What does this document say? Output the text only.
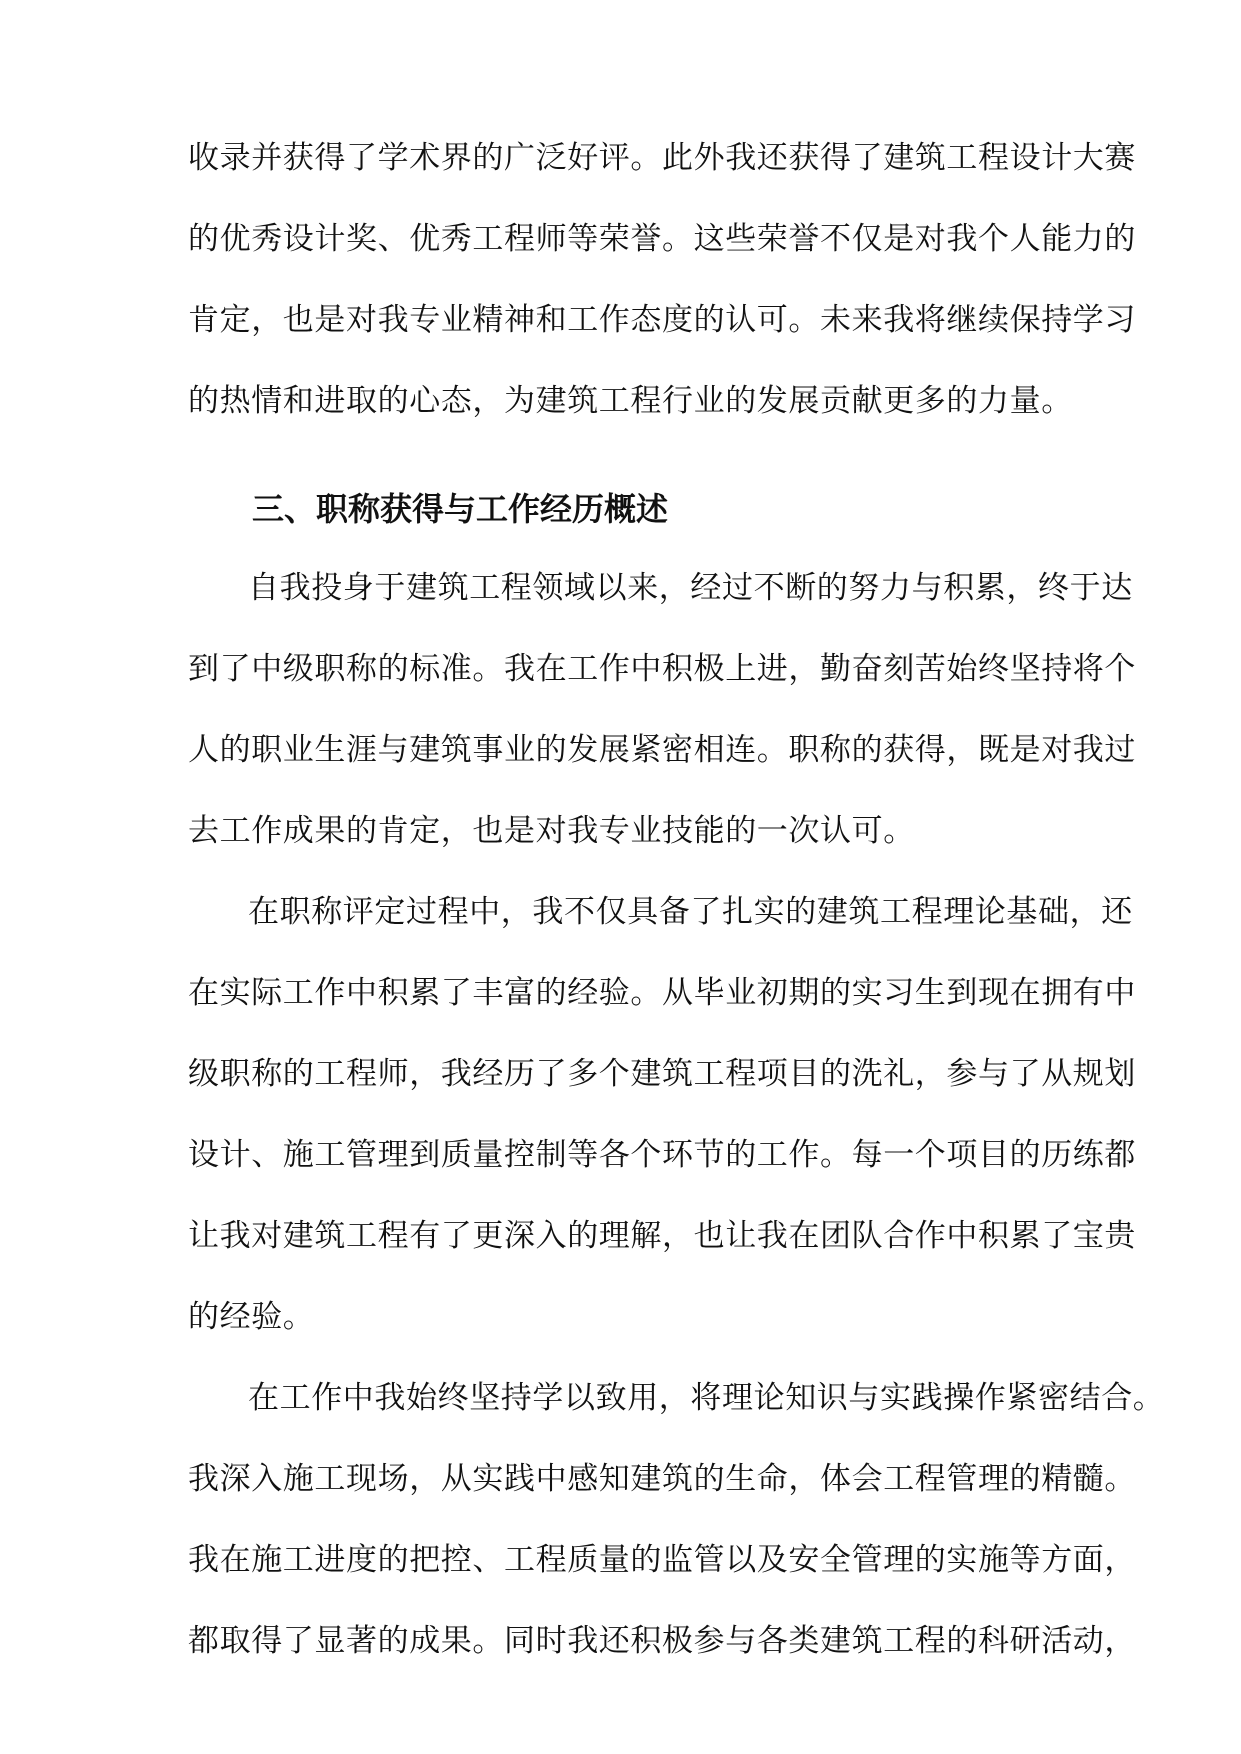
收录并获得了学术界的广泛好评。此外我还获得了建筑工程设计大赛
的优秀设计奖、优秀工程师等荣誉。这些荣誉不仅是对我个人能力的
肯定，也是对我专业精神和工作态度的认可。未来我将继续保持学习
的热情和进取的心态，为建筑工程行业的发展贡献更多的力量。
三、职称获得与工作经历概述
自我投身于建筑工程领域以来，经过不断的努力与积累，终于达
到了中级职称的标准。我在工作中积极上进，勤奋刻苦始终坚持将个
人的职业生涯与建筑事业的发展紧密相连。职称的获得，既是对我过
去工作成果的肯定，也是对我专业技能的一次认可。
在职称评定过程中，我不仅具备了扎实的建筑工程理论基础，还
在实际工作中积累了丰富的经验。从毕业初期的实习生到现在拥有中
级职称的工程师，我经历了多个建筑工程项目的洗礼，参与了从规划
设计、施工管理到质量控制等各个环节的工作。每一个项目的历练都
让我对建筑工程有了更深入的理解，也让我在团队合作中积累了宝贵
的经验。
在工作中我始终坚持学以致用，将理论知识与实践操作紧密结合。
我深入施工现场，从实践中感知建筑的生命，体会工程管理的精髓。
我在施工进度的把控、工程质量的监管以及安全管理的实施等方面，
都取得了显著的成果。同时我还积极参与各类建筑工程的科研活动，
